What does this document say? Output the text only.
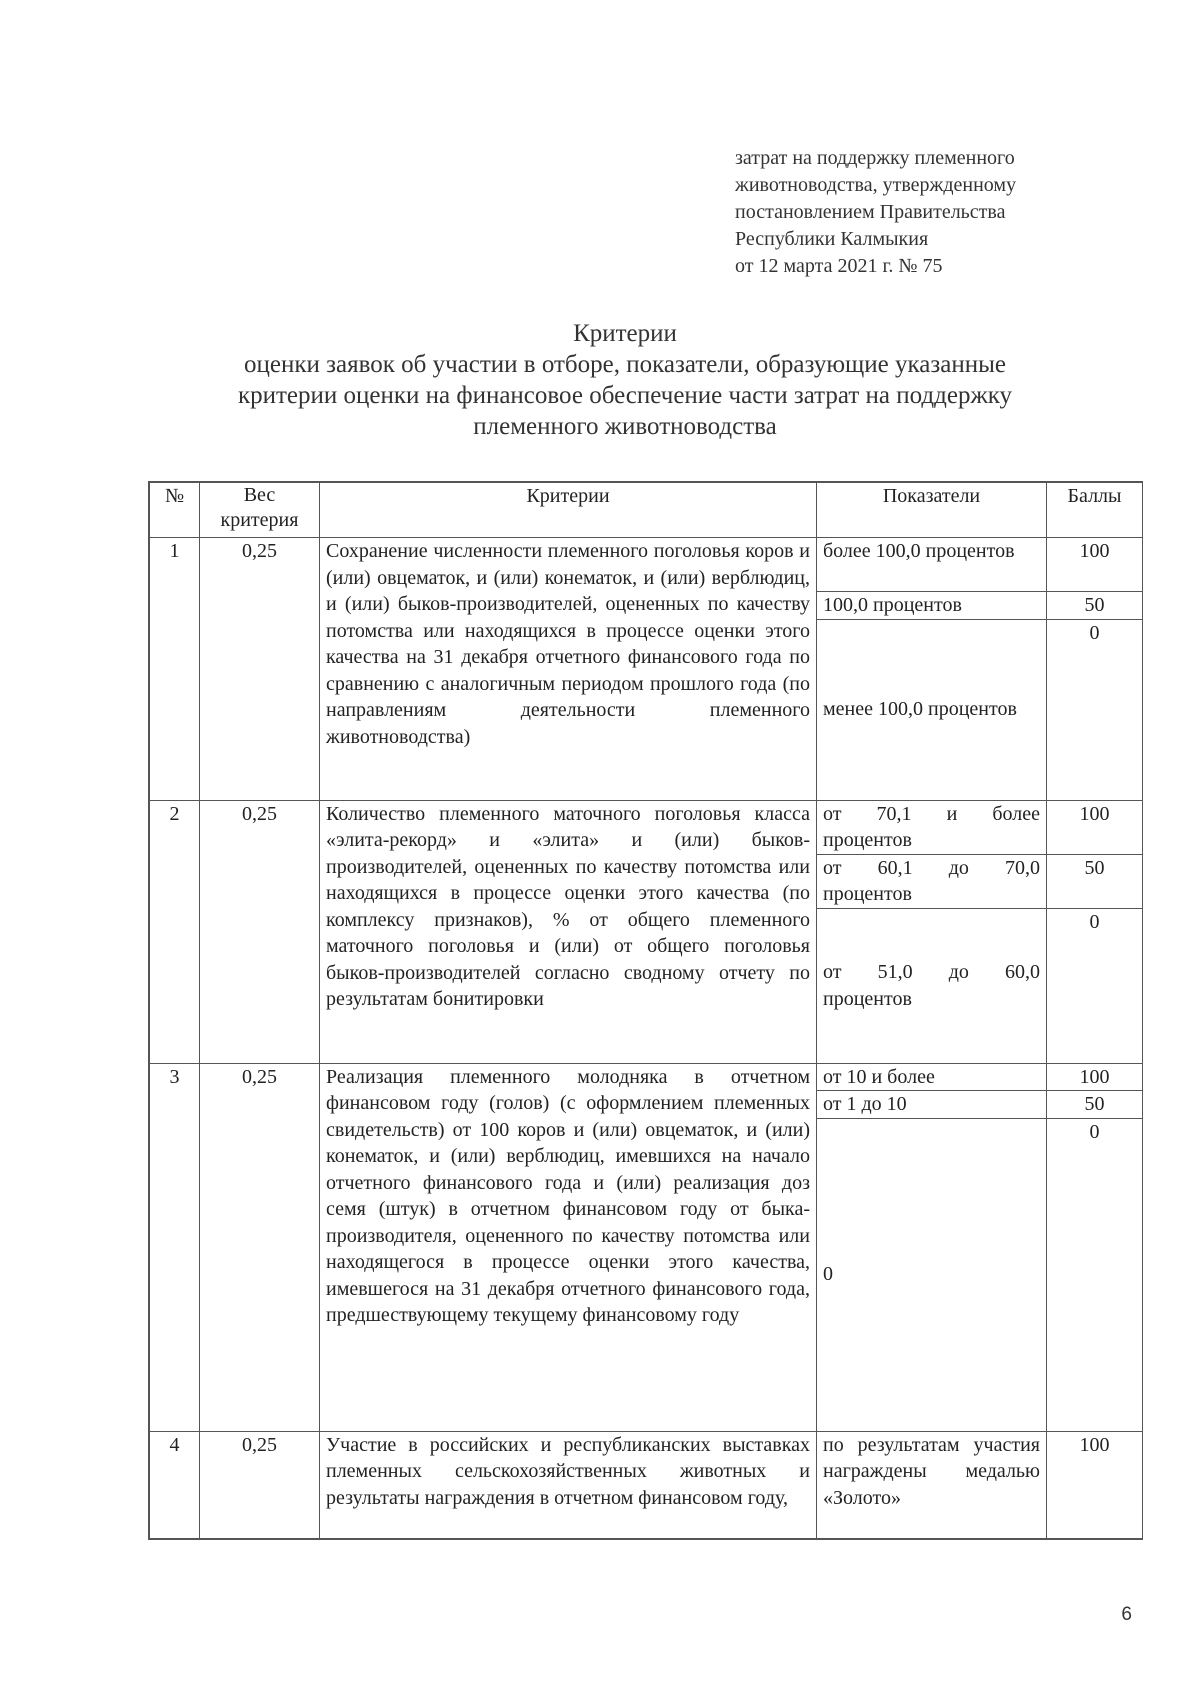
затрат на поддержку племенного
животноводства, утвержденному
постановлением Правительства
Республики Калмыкия
от 12 марта 2021 г. № 75
Критерии
оценки заявок об участии в отборе, показатели, образующие указанные
критерии оценки на финансовое обеспечение части затрат на поддержку
племенного животноводства
№	Вес критерия	Критерии	Показатели	Баллы
1	0,25	Сохранение численности племенного поголовья коров и (или) овцематок, и (или) конематок, и (или) верблюдиц, и (или) быков-производителей, оцененных по качеству потомства или находящихся в процессе оценки этого качества на 31 декабря отчетного финансового года по сравнению с аналогичным периодом прошлого года (по направлениям деятельности племенного животноводства)	более 100,0 процентов	100
			100,0 процентов	50
			менее 100,0 процентов	0
2	0,25	Количество племенного маточного поголовья класса «элита-рекорд» и «элита» и (или) быков-производителей, оцененных по качеству потомства или находящихся в процессе оценки этого качества (по комплексу признаков), % от общего племенного маточного поголовья и (или) от общего поголовья быков-производителей согласно сводному отчету по результатам бонитировки	от 70,1 и более процентов	100
			от 60,1 до 70,0 процентов	50
			от 51,0 до 60,0 процентов	0
3	0,25	Реализация племенного молодняка в отчетном финансовом году (голов) (с оформлением племенных свидетельств) от 100 коров и (или) овцематок, и (или) конематок, и (или) верблюдиц, имевшихся на начало отчетного финансового года и (или) реализация доз семя (штук) в отчетном финансовом году от быка-производителя, оцененного по качеству потомства или находящегося в процессе оценки этого качества, имевшегося на 31 декабря отчетного финансового года, предшествующему текущему финансовому году	от 10 и более	100
			от 1 до 10	50
			0	0
4	0,25	Участие в российских и республиканских выставках племенных сельскохозяйственных животных и результаты награждения в отчетном финансовом году,	по результатам участия награждены медалью «Золото»	100
6
